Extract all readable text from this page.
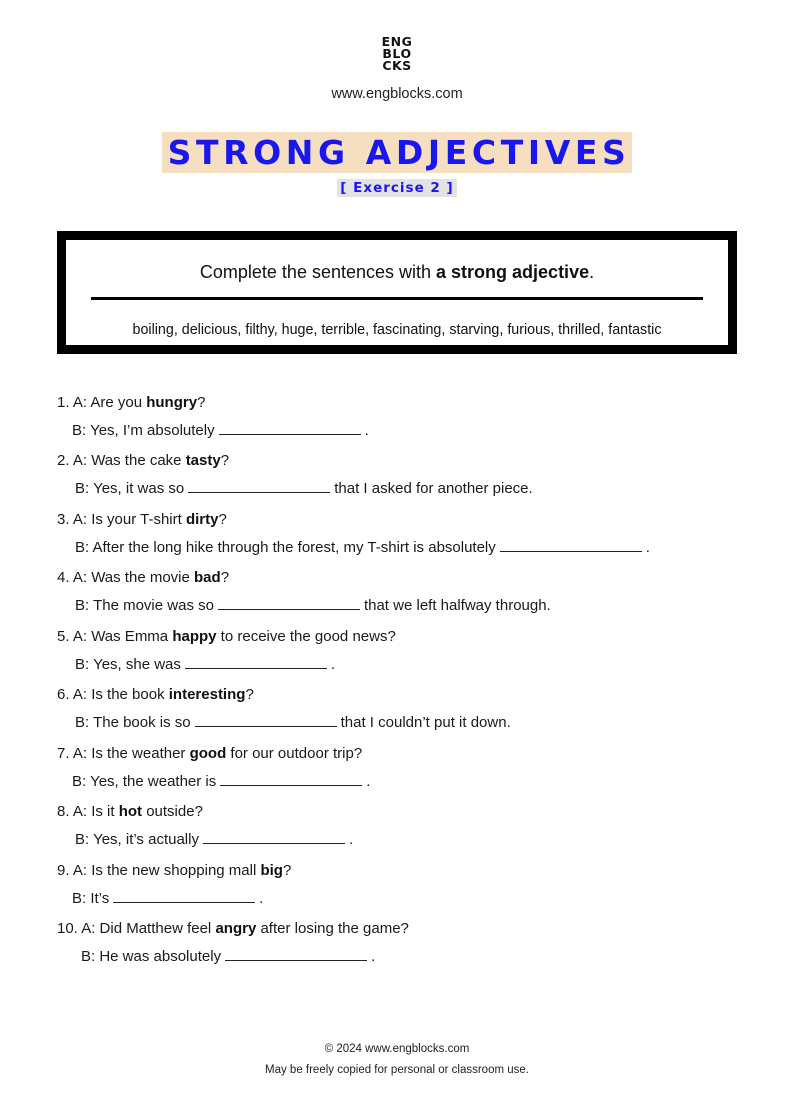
ENG
BLO
CKS
www.engblocks.com
STRONG ADJECTIVES
[ Exercise 2 ]
Complete the sentences with a strong adjective.
boiling, delicious, filthy, huge, terrible, fascinating, starving, furious, thrilled, fantastic
1. A: Are you hungry?
B: Yes, I’m absolutely	.
2. A: Was the cake tasty?
B: Yes, it was so	that I asked for another piece.
3. A: Is your T-shirt dirty?
B: After the long hike through the forest, my T-shirt is absolutely	.
4. A: Was the movie bad?
B: The movie was so	that we left halfway through.
5. A: Was Emma happy to receive the good news?
B: Yes, she was	.
6. A: Is the book interesting?
B: The book is so	that I couldn’t put it down.
7. A: Is the weather good for our outdoor trip?
B: Yes, the weather is	.
8. A: Is it hot outside?
B: Yes, it’s actually	.
9. A: Is the new shopping mall big?
B: It’s	.
10. A: Did Matthew feel angry after losing the game?
B: He was absolutely	.
© 2024 www.engblocks.com
May be freely copied for personal or classroom use.
